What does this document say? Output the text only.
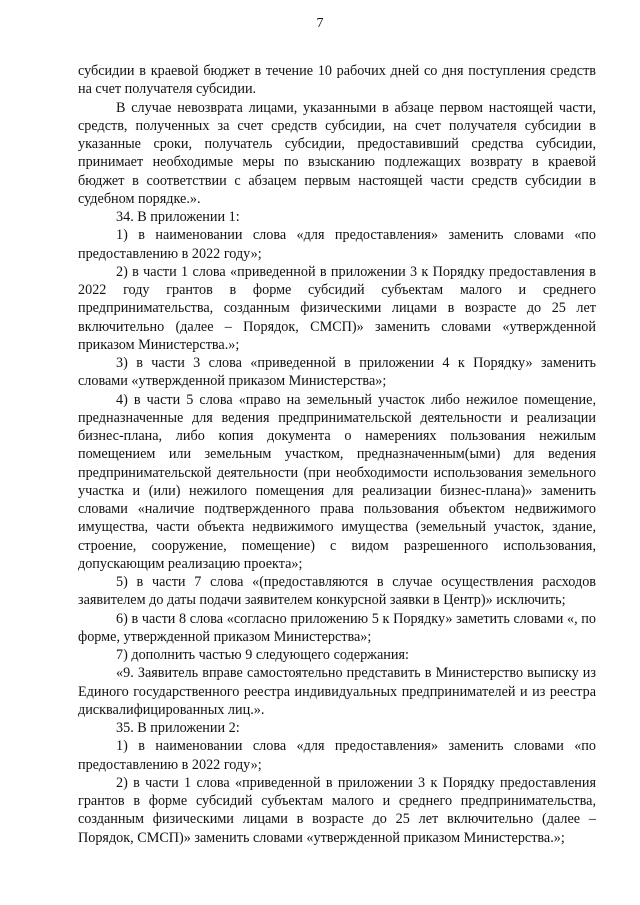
7

субсидии в краевой бюджет в течение 10 рабочих дней со дня поступления средств на счет получателя субсидии.

В случае невозврата лицами, указанными в абзаце первом настоящей части, средств, полученных за счет средств субсидии, на счет получателя субсидии в указанные сроки, получатель субсидии, предоставивший средства субсидии, принимает необходимые меры по взысканию подлежащих возврату в краевой бюджет в соответствии с абзацем первым настоящей части средств субсидии в судебном порядке.».

34. В приложении 1:

1) в наименовании слова «для предоставления» заменить словами «по предоставлению в 2022 году»;

2) в части 1 слова «приведенной в приложении 3 к Порядку предоставления в 2022 году грантов в форме субсидий субъектам малого и среднего предпринимательства, созданным физическими лицами в возрасте до 25 лет включительно (далее – Порядок, СМСП)» заменить словами «утвержденной приказом Министерства.»;

3) в части 3 слова «приведенной в приложении 4 к Порядку» заменить словами «утвержденной приказом Министерства»;

4) в части 5 слова «право на земельный участок либо нежилое помещение, предназначенные для ведения предпринимательской деятельности и реализации бизнес-плана, либо копия документа о намерениях пользования нежилым помещением или земельным участком, предназначенным(ыми) для ведения предпринимательской деятельности (при необходимости использования земельного участка и (или) нежилого помещения для реализации бизнес-плана)» заменить словами «наличие подтвержденного права пользования объектом недвижимого имущества, части объекта недвижимого имущества (земельный участок, здание, строение, сооружение, помещение) с видом разрешенного использования, допускающим реализацию проекта»;

5) в части 7 слова «(предоставляются в случае осуществления расходов заявителем до даты подачи заявителем конкурсной заявки в Центр)» исключить;

6) в части 8 слова «согласно приложению 5 к Порядку» заметить словами «, по форме, утвержденной приказом Министерства»;

7) дополнить частью 9 следующего содержания:

«9. Заявитель вправе самостоятельно представить в Министерство выписку из Единого государственного реестра индивидуальных предпринимателей и из реестра дисквалифицированных лиц.».

35. В приложении 2:

1) в наименовании слова «для предоставления» заменить словами «по предоставлению в 2022 году»;

2) в части 1 слова «приведенной в приложении 3 к Порядку предоставления грантов в форме субсидий субъектам малого и среднего предпринимательства, созданным физическими лицами в возрасте до 25 лет включительно (далее – Порядок, СМСП)» заменить словами «утвержденной приказом Министерства.»;
